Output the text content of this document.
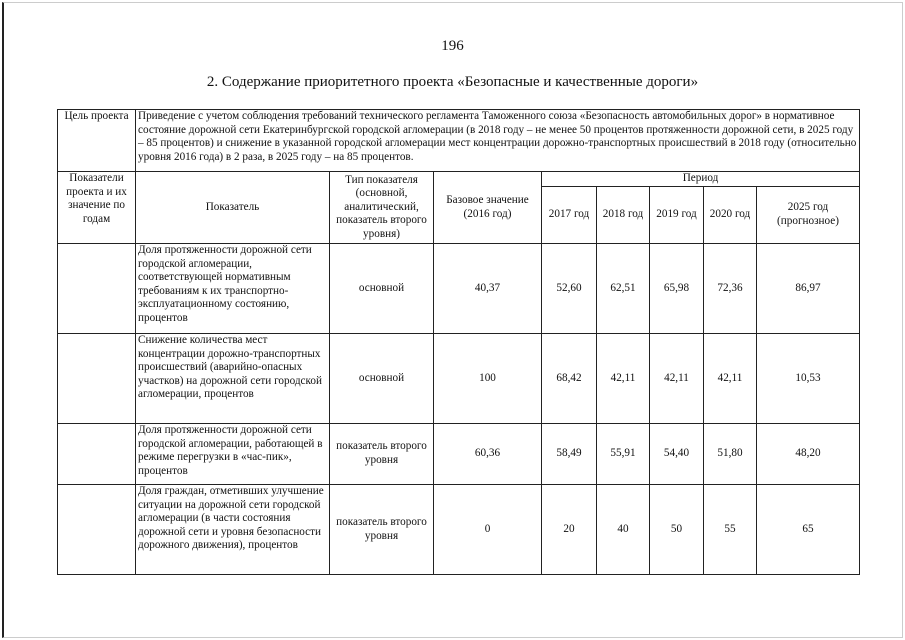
196
2. Содержание приоритетного проекта «Безопасные и качественные дороги»
Цель проекта	Приведение с учетом соблюдения требований технического регламента Таможенного союза «Безопасность автомобильных дорог» в нормативное состояние дорожной сети Екатеринбургской городской агломерации (в 2018 году – не менее 50 процентов протяженности дорожной сети, в 2025 году – 85 процентов) и снижение в указанной городской агломерации мест концентрации дорожно-транспортных происшествий в 2018 году (относительно уровня 2016 года) в 2 раза, в 2025 году – на 85 процентов.							
Показатели проекта и их значение по годам	Показатель	Тип показателя (основной, аналитический, показатель второго уровня)	Базовое значение (2016 год)	Период				
				2017 год	2018 год	2019 год	2020 год	2025 год (прогнозное)
	Доля протяженности дорожной сети городской агломерации, соответствующей нормативным требованиям к их транспортно-эксплуатационному состоянию, процентов	основной	40,37	52,60	62,51	65,98	72,36	86,97
	Снижение количества мест концентрации дорожно-транспортных происшествий (аварийно-опасных участков) на дорожной сети городской агломерации, процентов	основной	100	68,42	42,11	42,11	42,11	10,53
	Доля протяженности дорожной сети городской агломерации, работающей в режиме перегрузки в «час-пик», процентов	показатель второго уровня	60,36	58,49	55,91	54,40	51,80	48,20
	Доля граждан, отметивших улучшение ситуации на дорожной сети городской агломерации (в части состояния дорожной сети и уровня безопасности дорожного движения), процентов	показатель второго уровня	0	20	40	50	55	65
